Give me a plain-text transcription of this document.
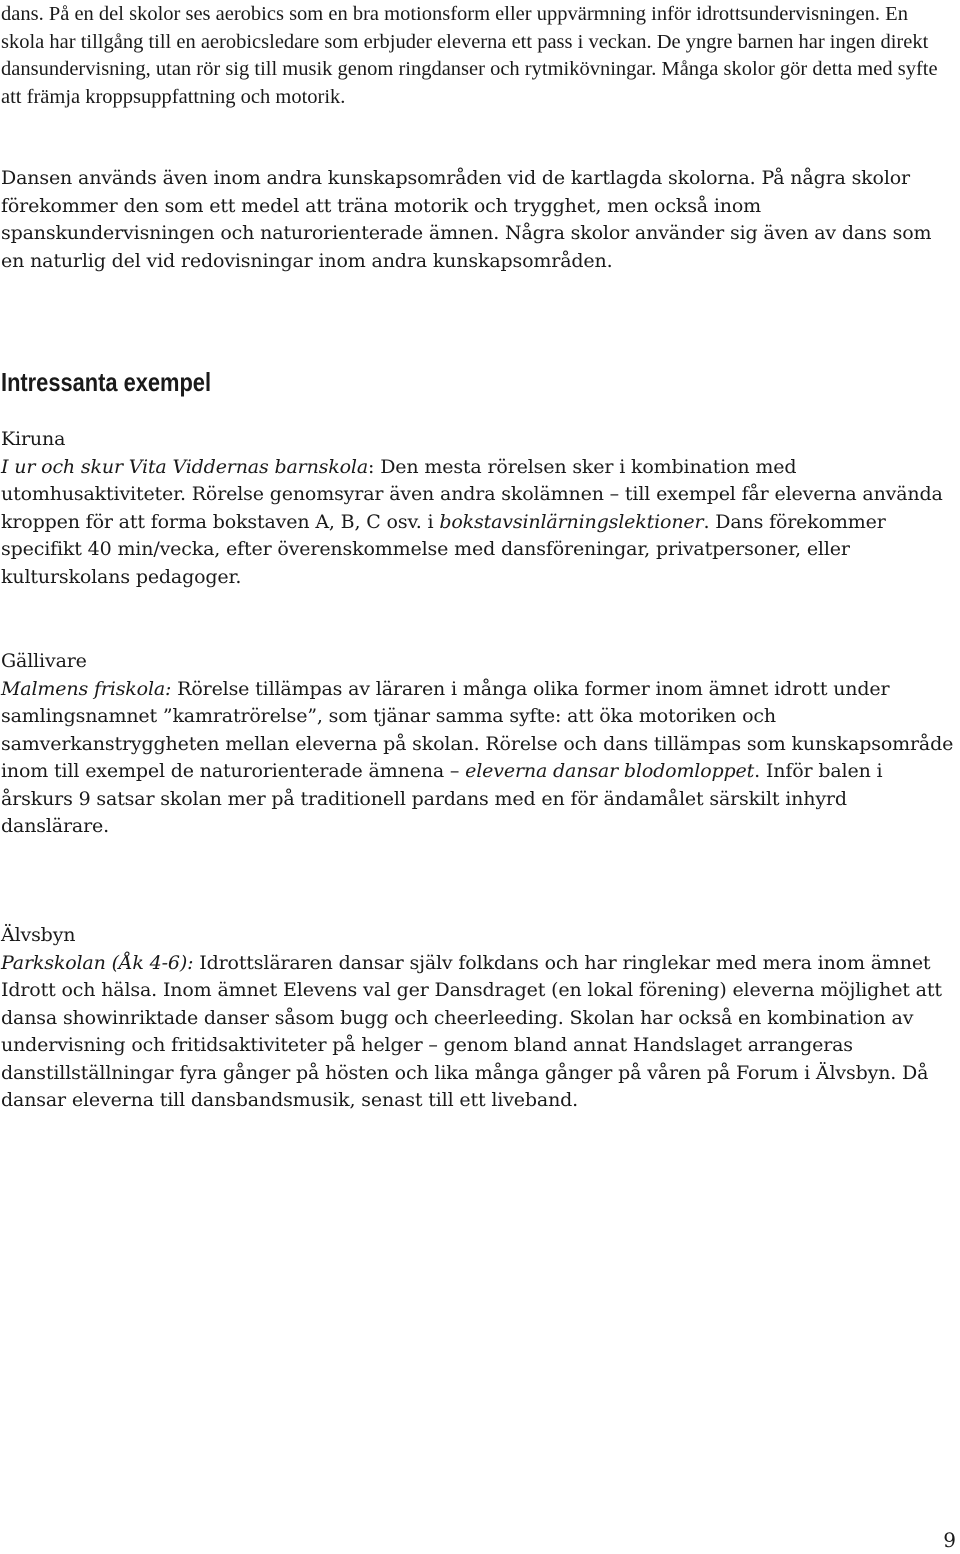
dans. På en del skolor ses aerobics som en bra motionsform eller uppvärmning inför idrottsundervisningen. En skola har tillgång till en aerobicsledare som erbjuder eleverna ett pass i veckan. De yngre barnen har ingen direkt dansundervisning, utan rör sig till musik genom ringdanser och rytmikövningar. Många skolor gör detta med syfte att främja kroppsuppfattning och motorik.

Dansen används även inom andra kunskapsområden vid de kartlagda skolorna. På några skolor förekommer den som ett medel att träna motorik och trygghet, men också inom spanskundervisningen och naturorienterade ämnen. Några skolor använder sig även av dans som en naturlig del vid redovisningar inom andra kunskapsområden.

Intressanta exempel
Kiruna

I ur och skur Vita Viddernas barnskola: Den mesta rörelsen sker i kombination med utomhusaktiviteter. Rörelse genomsyrar även andra skolämnen – till exempel får eleverna använda kroppen för att forma bokstaven A, B, C osv. i bokstavsinlärningslektioner. Dans förekommer specifikt 40 min/vecka, efter överenskommelse med dansföreningar, privatpersoner, eller kulturskolans pedagoger.

Gällivare

Malmens friskola: Rörelse tillämpas av läraren i många olika former inom ämnet idrott under samlingsnamnet ”kamratrörelse”, som tjänar samma syfte: att öka motoriken och samverkanstryggheten mellan eleverna på skolan. Rörelse och dans tillämpas som kunskapsområde inom till exempel de naturorienterade ämnena – eleverna dansar blodomloppet. Inför balen i årskurs 9 satsar skolan mer på traditionell pardans med en för ändamålet särskilt inhyrd danslärare.

Älvsbyn

Parkskolan (Åk 4-6): Idrottsläraren dansar själv folkdans och har ringlekar med mera inom ämnet Idrott och hälsa. Inom ämnet Elevens val ger Dansdraget (en lokal förening) eleverna möjlighet att dansa showinriktade danser såsom bugg och cheerleeding. Skolan har också en kombination av undervisning och fritidsaktiviteter på helger – genom bland annat Handslaget arrangeras danstillställningar fyra gånger på hösten och lika många gånger på våren på Forum i Älvsbyn. Då dansar eleverna till dansbandsmusik, senast till ett liveband.

9
